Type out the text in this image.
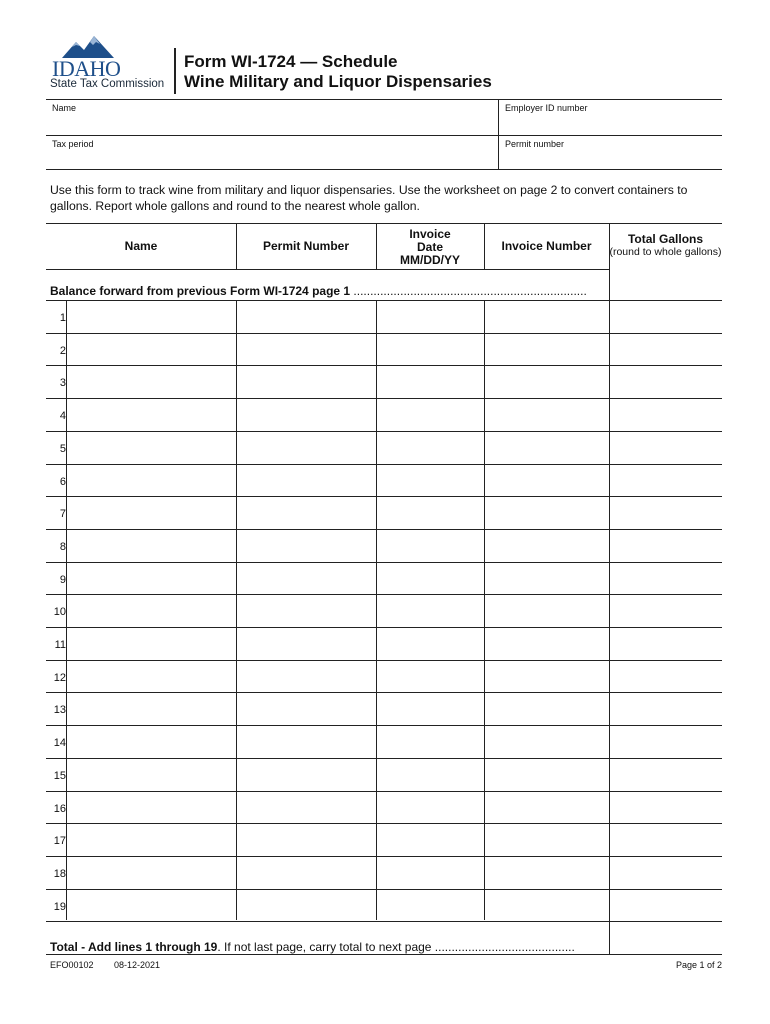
IDAHO
State Tax Commission
Form WI-1724 — Schedule
Wine Military and Liquor Dispensaries
Name	Employer ID number
Tax period	Permit number
Use this form to track wine from military and liquor dispensaries. Use the worksheet on page 2 to convert containers to gallons. Report whole gallons and round to the nearest whole gallon.
Name	Permit Number
Invoice
Date
MM/DD/YY
Invoice Number	Total Gallons
(round to whole gallons)
Balance forward from previous Form WI-1724 page 1 ......................................................................
1
2
3
4
5
6
7
8
9
10
11
12
13
14
15
16
17
18
19
Total - Add lines 1 through 19. If not last page, carry total to next page ..........................................
EFO00102 08-12-2021	Page 1 of 2
